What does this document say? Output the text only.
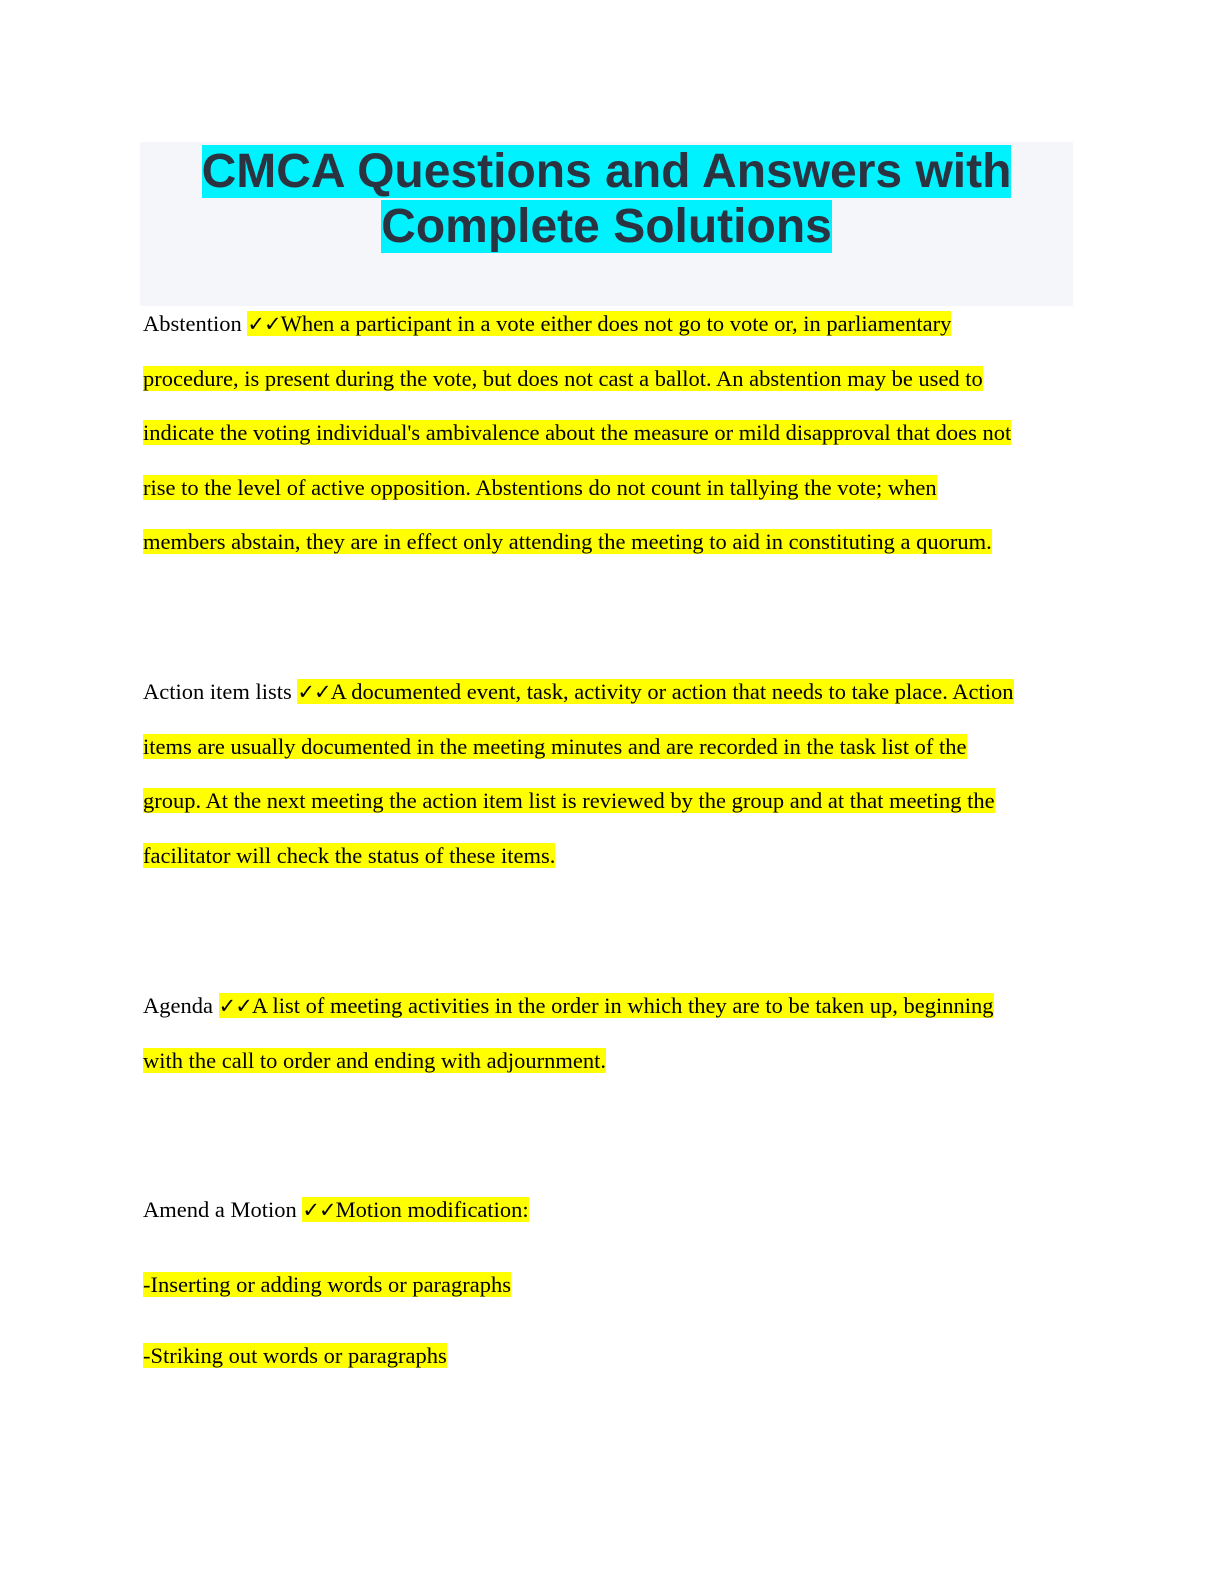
CMCA Questions and Answers with
Complete Solutions

Abstention ✓✓When a participant in a vote either does not go to vote or, in parliamentary

procedure, is present during the vote, but does not cast a ballot. An abstention may be used to

indicate the voting individual's ambivalence about the measure or mild disapproval that does not

rise to the level of active opposition. Abstentions do not count in tallying the vote; when

members abstain, they are in effect only attending the meeting to aid in constituting a quorum.

Action item lists ✓✓A documented event, task, activity or action that needs to take place. Action

items are usually documented in the meeting minutes and are recorded in the task list of the

group. At the next meeting the action item list is reviewed by the group and at that meeting the

facilitator will check the status of these items.

Agenda ✓✓A list of meeting activities in the order in which they are to be taken up, beginning

with the call to order and ending with adjournment.

Amend a Motion ✓✓Motion modification:

-Inserting or adding words or paragraphs
-Striking out words or paragraphs
